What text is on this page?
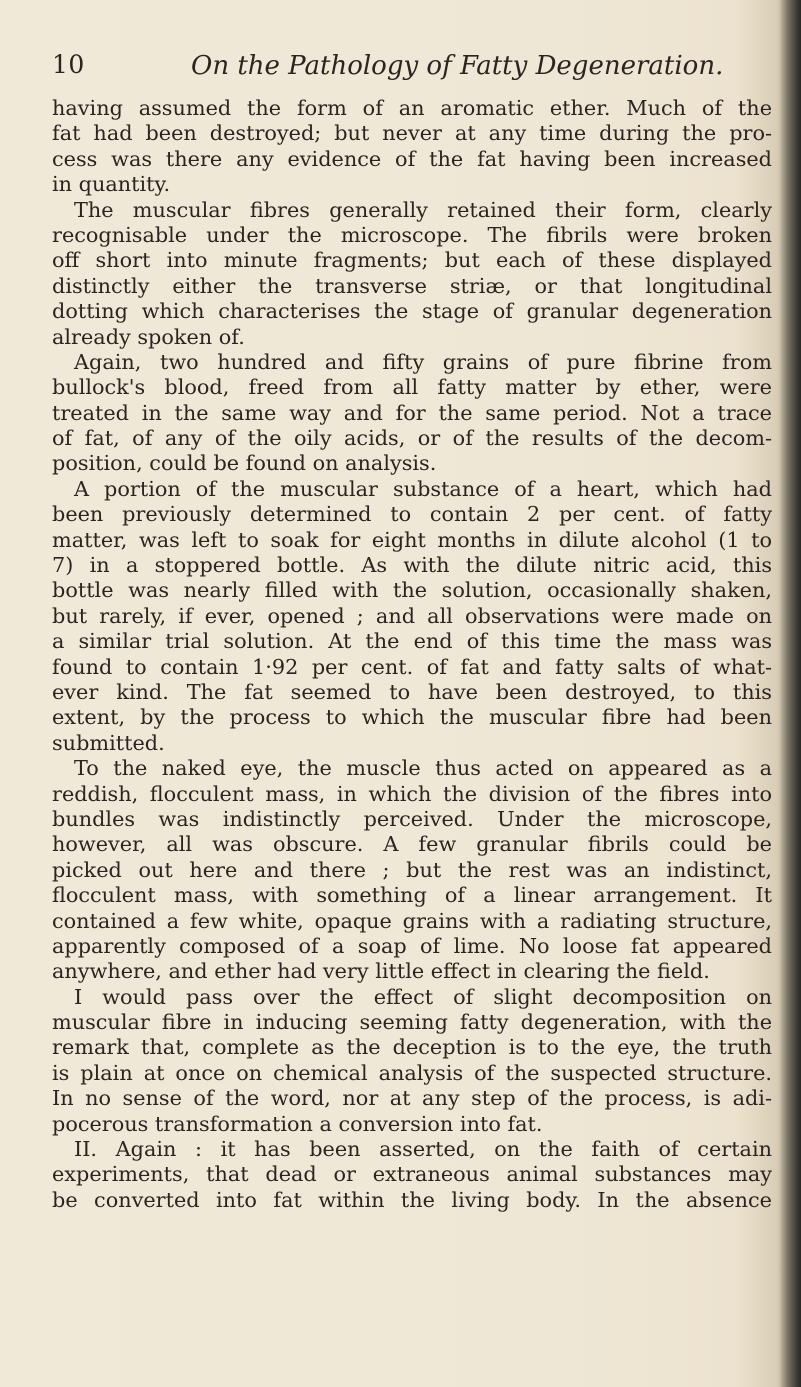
10	On the Pathology of Fatty Degeneration.
having assumed the form of an aromatic ether. Much of the
fat had been destroyed; but never at any time during the pro-
cess was there any evidence of the fat having been increased
in quantity.
The muscular fibres generally retained their form, clearly
recognisable under the microscope. The fibrils were broken
off short into minute fragments; but each of these displayed
distinctly either the transverse striæ, or that longitudinal
dotting which characterises the stage of granular degeneration
already spoken of.
Again, two hundred and fifty grains of pure fibrine from
bullock's blood, freed from all fatty matter by ether, were
treated in the same way and for the same period. Not a trace
of fat, of any of the oily acids, or of the results of the decom-
position, could be found on analysis.
A portion of the muscular substance of a heart, which had
been previously determined to contain 2 per cent. of fatty
matter, was left to soak for eight months in dilute alcohol (1 to
7) in a stoppered bottle. As with the dilute nitric acid, this
bottle was nearly filled with the solution, occasionally shaken,
but rarely, if ever, opened ; and all observations were made on
a similar trial solution. At the end of this time the mass was
found to contain 1·92 per cent. of fat and fatty salts of what-
ever kind. The fat seemed to have been destroyed, to this
extent, by the process to which the muscular fibre had been
submitted.
To the naked eye, the muscle thus acted on appeared as a
reddish, flocculent mass, in which the division of the fibres into
bundles was indistinctly perceived. Under the microscope,
however, all was obscure. A few granular fibrils could be
picked out here and there ; but the rest was an indistinct,
flocculent mass, with something of a linear arrangement. It
contained a few white, opaque grains with a radiating structure,
apparently composed of a soap of lime. No loose fat appeared
anywhere, and ether had very little effect in clearing the field.
I would pass over the effect of slight decomposition on
muscular fibre in inducing seeming fatty degeneration, with the
remark that, complete as the deception is to the eye, the truth
is plain at once on chemical analysis of the suspected structure.
In no sense of the word, nor at any step of the process, is adi-
pocerous transformation a conversion into fat.
II. Again : it has been asserted, on the faith of certain
experiments, that dead or extraneous animal substances may
be converted into fat within the living body. In the absence
